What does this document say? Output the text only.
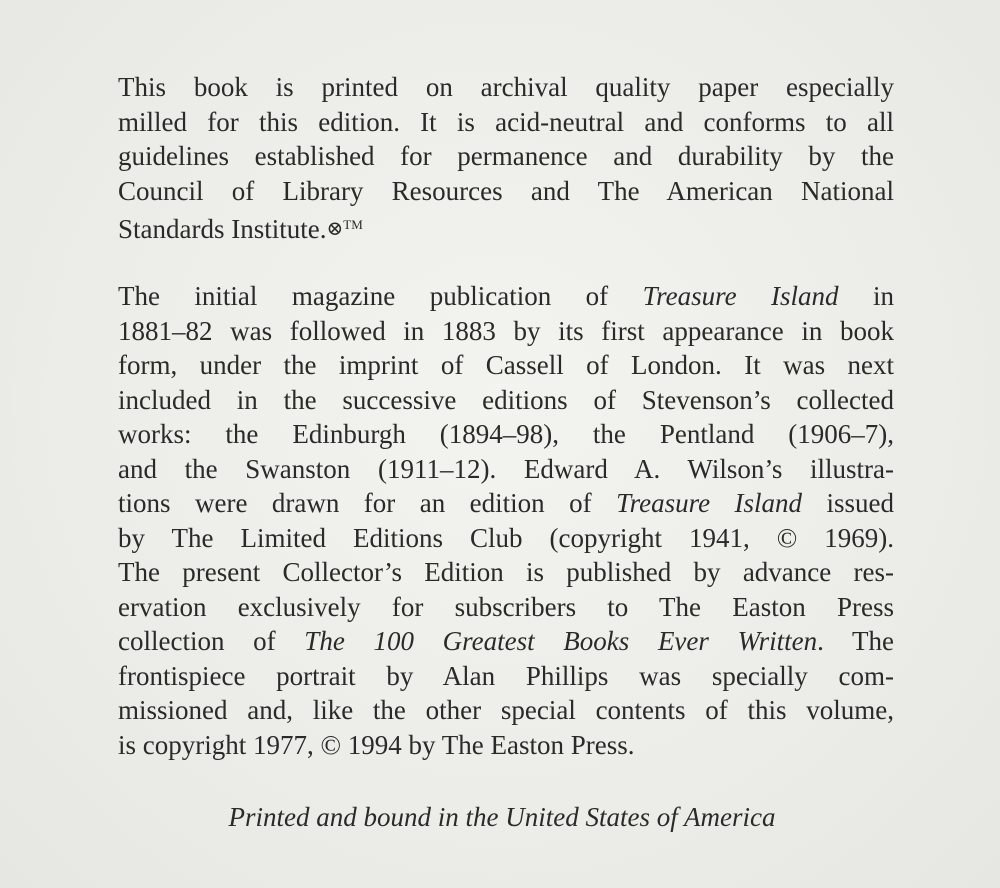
This book is printed on archival quality paper especially
milled for this edition. It is acid-neutral and conforms to all
guidelines established for permanence and durability by the
Council of Library Resources and The American National
Standards Institute.⊗™

The initial magazine publication of Treasure Island in
1881–82 was followed in 1883 by its first appearance in book
form, under the imprint of Cassell of London. It was next
included in the successive editions of Stevenson’s collected
works: the Edinburgh (1894–98), the Pentland (1906–7),
and the Swanston (1911–12). Edward A. Wilson’s illustra-
tions were drawn for an edition of Treasure Island issued
by The Limited Editions Club (copyright 1941, © 1969).
The present Collector’s Edition is published by advance res-
ervation exclusively for subscribers to The Easton Press
collection of The 100 Greatest Books Ever Written. The
frontispiece portrait by Alan Phillips was specially com-
missioned and, like the other special contents of this volume,
is copyright 1977, © 1994 by The Easton Press.

Printed and bound in the United States of America
